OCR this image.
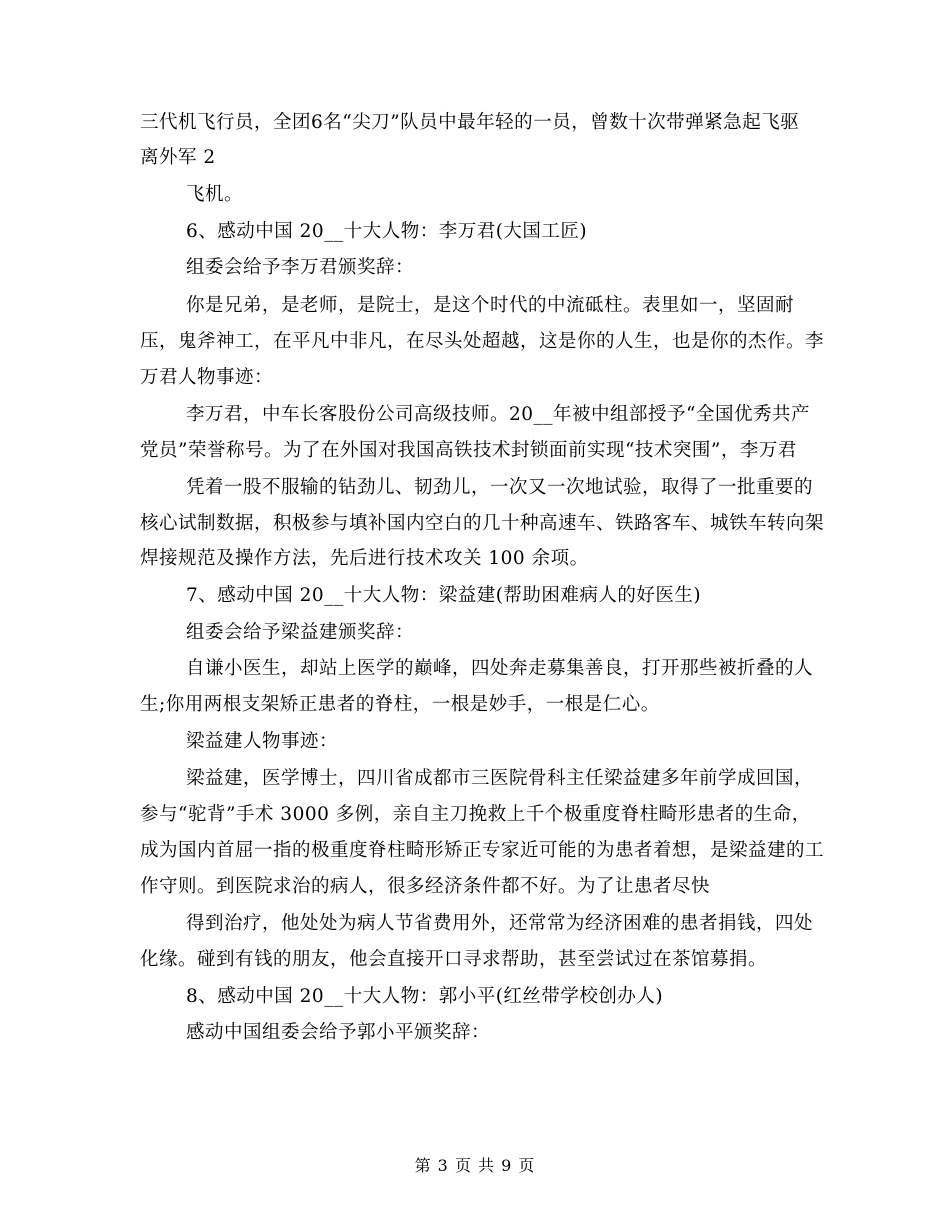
三代机飞行员，全团6名“尖刀”队员中最年轻的一员，曾数十次带弹紧急起飞驱
离外军 2
飞机。
6、感动中国 20__十大人物：李万君(大国工匠)
组委会给予李万君颁奖辞：
你是兄弟，是老师，是院士，是这个时代的中流砥柱。表里如一，坚固耐
压，鬼斧神工，在平凡中非凡，在尽头处超越，这是你的人生，也是你的杰作。李
万君人物事迹：
李万君，中车长客股份公司高级技师。20__年被中组部授予“全国优秀共产
党员”荣誉称号。为了在外国对我国高铁技术封锁面前实现“技术突围”，李万君
凭着一股不服输的钻劲儿、韧劲儿，一次又一次地试验，取得了一批重要的
核心试制数据，积极参与填补国内空白的几十种高速车、铁路客车、城铁车转向架
焊接规范及操作方法，先后进行技术攻关 100 余项。
7、感动中国 20__十大人物：梁益建(帮助困难病人的好医生)
组委会给予梁益建颁奖辞：
自谦小医生，却站上医学的巅峰，四处奔走募集善良，打开那些被折叠的人
生;你用两根支架矫正患者的脊柱，一根是妙手，一根是仁心。
梁益建人物事迹：
梁益建，医学博士，四川省成都市三医院骨科主任梁益建多年前学成回国，
参与“驼背”手术 3000 多例，亲自主刀挽救上千个极重度脊柱畸形患者的生命，
成为国内首屈一指的极重度脊柱畸形矫正专家近可能的为患者着想，是梁益建的工
作守则。到医院求治的病人，很多经济条件都不好。为了让患者尽快
得到治疗，他处处为病人节省费用外，还常常为经济困难的患者捐钱，四处
化缘。碰到有钱的朋友，他会直接开口寻求帮助，甚至尝试过在茶馆募捐。
8、感动中国 20__十大人物：郭小平(红丝带学校创办人)
感动中国组委会给予郭小平颁奖辞：
第 3 页 共 9 页
